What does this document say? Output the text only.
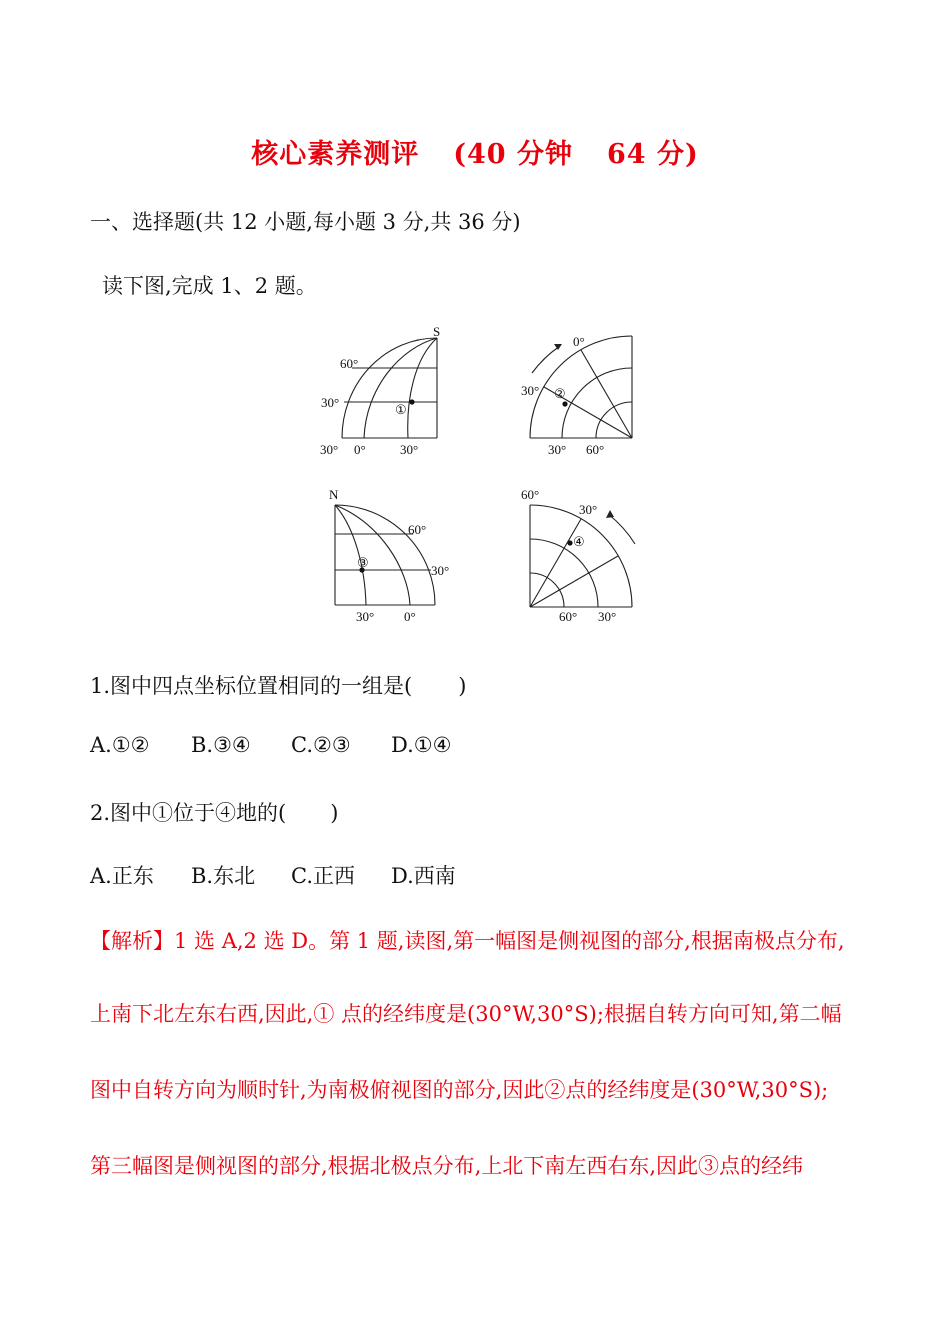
核心素养测评 (40 分钟 64 分)
一、选择题(共 12 小题,每小题 3 分,共 36 分)
读下图,完成 1、2 题。
S
60°
30°
30° 0°	30°
①
0°
30° ②
30° 60°
N
60°
30°
30° 0°
③
60°
30°
④
60° 30°
1.图中四点坐标位置相同的一组是( )
A.①② B.③④ C.②③ D.①④
2.图中①位于④地的( )
A.正东 B.东北 C.正西 D.西南
【解析】1 选 A,2 选 D。第 1 题,读图,第一幅图是侧视图的部分,根据南极点分布,
上南下北左东右西,因此,① 点的经纬度是(30°W,30°S);根据自转方向可知,第二幅
图中自转方向为顺时针,为南极俯视图的部分,因此②点的经纬度是(30°W,30°S);
第三幅图是侧视图的部分,根据北极点分布,上北下南左西右东,因此③点的经纬
